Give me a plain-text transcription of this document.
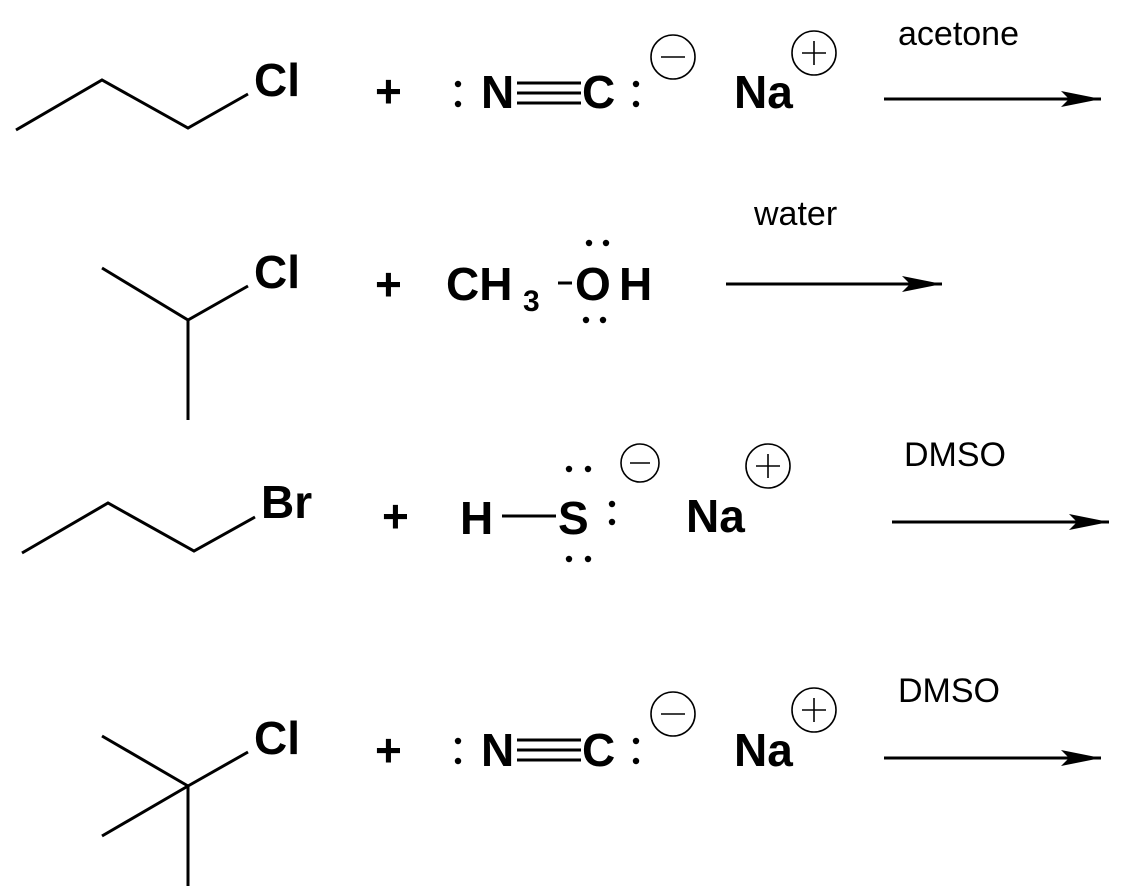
Cl + N C	Na
acetone
Cl + CH 3 O H
water
Br + H S Na
DMSO
Cl + N C	Na
DMSO
